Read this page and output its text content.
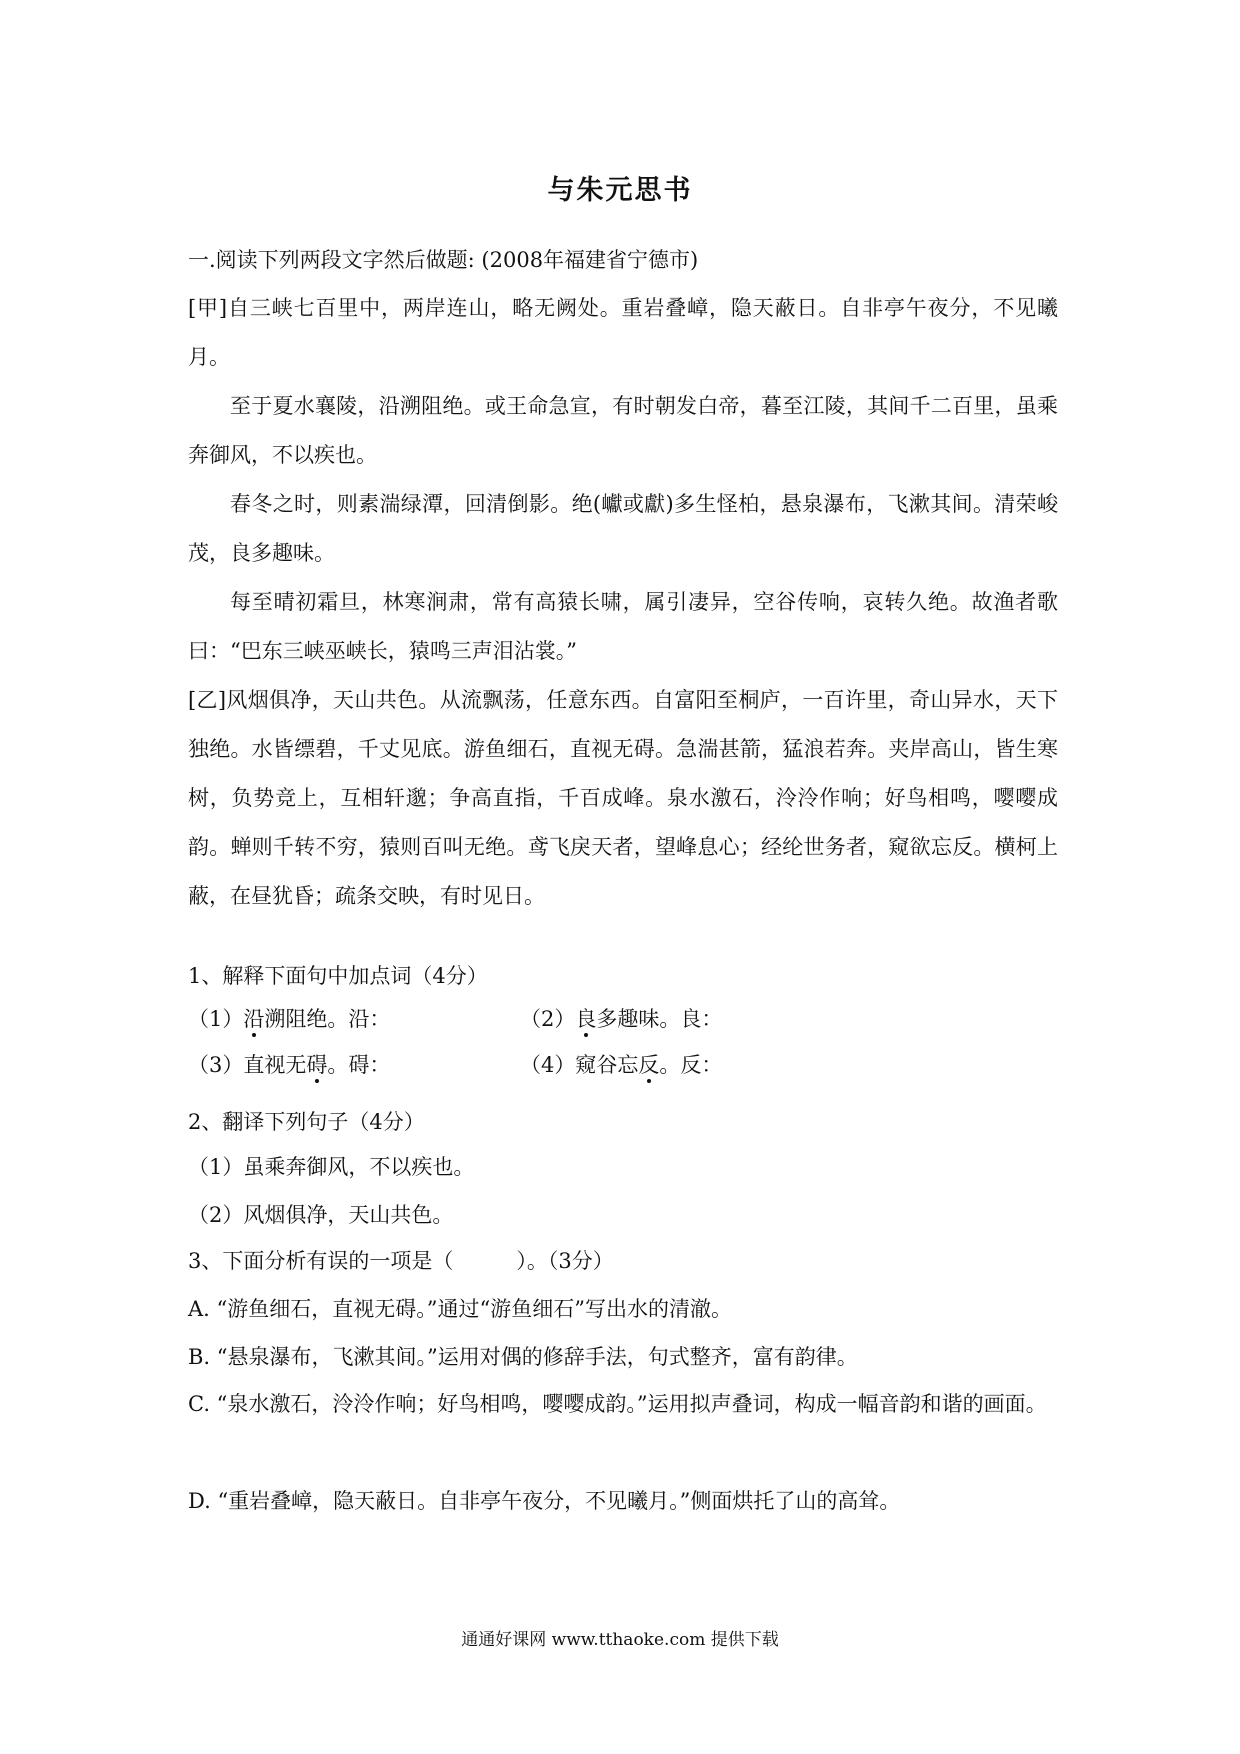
与朱元思书
一.阅读下列两段文字然后做题: (2008年福建省宁德市)
[甲]自三峡七百里中，两岸连山，略无阙处。重岩叠嶂，隐天蔽日。自非亭午夜分，不见曦月。
至于夏水襄陵，沿溯阻绝。或王命急宣，有时朝发白帝，暮至江陵，其间千二百里，虽乘奔御风，不以疾也。
春冬之时，则素湍绿潭，回清倒影。绝(巘或獻)多生怪柏，悬泉瀑布，飞漱其间。清荣峻茂，良多趣味。
每至晴初霜旦，林寒涧肃，常有高猿长啸，属引凄异，空谷传响，哀转久绝。故渔者歌曰：“巴东三峡巫峡长，猿鸣三声泪沾裳。”
[乙]风烟俱净，天山共色。从流飘荡，任意东西。自富阳至桐庐，一百许里，奇山异水，天下独绝。水皆缥碧，千丈见底。游鱼细石，直视无碍。急湍甚箭，猛浪若奔。夹岸高山，皆生寒树，负势竞上，互相轩邈；争高直指，千百成峰。泉水激石，泠泠作响；好鸟相鸣，嘤嘤成韵。蝉则千转不穷，猿则百叫无绝。鸢飞戾天者，望峰息心；经纶世务者，窥欲忘反。横柯上蔽，在昼犹昏；疏条交映，有时见日。
1、解释下面句中加点词（4分）
（1）沿溯阻绝。沿：	（2）良多趣味。良：
（3）直视无碍。碍：	（4）窥谷忘反。反：
2、翻译下列句子（4分）
（1）虽乘奔御风，不以疾也。
（2）风烟俱净，天山共色。
3、下面分析有误的一项是（　　　）。（3分）
A. “游鱼细石，直视无碍。”通过“游鱼细石”写出水的清澈。
B. “悬泉瀑布，飞漱其间。”运用对偶的修辞手法，句式整齐，富有韵律。
C. “泉水激石，泠泠作响；好鸟相鸣，嘤嘤成韵。”运用拟声叠词，构成一幅音韵和谐的画面。
D. “重岩叠嶂，隐天蔽日。自非亭午夜分，不见曦月。”侧面烘托了山的高耸。
通通好课网 www.tthaoke.com 提供下载
